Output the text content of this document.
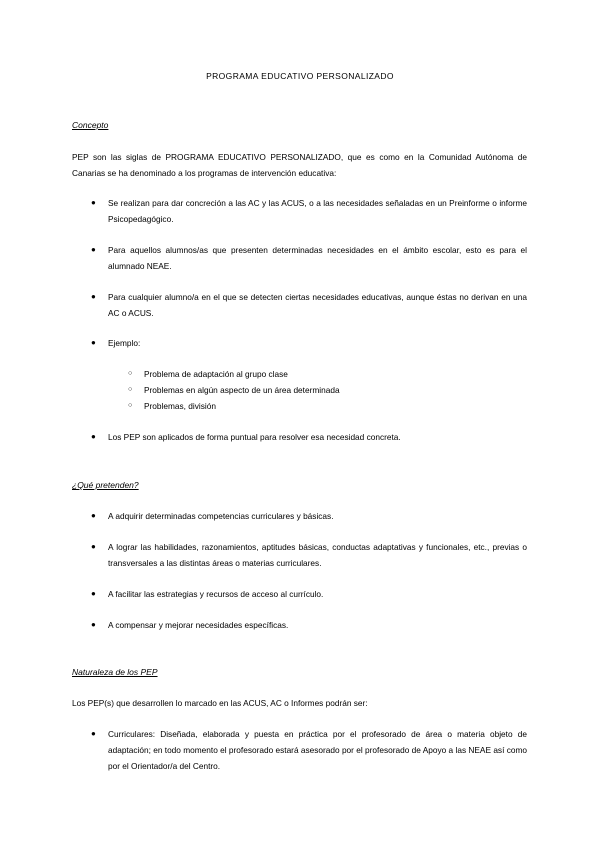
PROGRAMA EDUCATIVO PERSONALIZADO
Concepto
PEP son las siglas de PROGRAMA EDUCATIVO PERSONALIZADO, que es como en la Comunidad Autónoma de Canarias se ha denominado a los programas de intervención educativa:
● Se realizan para dar concreción a las AC y las ACUS, o a las necesidades señaladas en un Preinforme o informe Psicopedagógico.
● Para aquellos alumnos/as que presenten determinadas necesidades en el ámbito escolar, esto es para el alumnado NEAE.
● Para cualquier alumno/a en el que se detecten ciertas necesidades educativas, aunque éstas no derivan en una AC o ACUS.
● Ejemplo:
○ Problema de adaptación al grupo clase
○ Problemas en algún aspecto de un área determinada
○ Problemas, división
● Los PEP son aplicados de forma puntual para resolver esa necesidad concreta.
¿Qué pretenden?
● A adquirir determinadas competencias curriculares y básicas.
● A lograr las habilidades, razonamientos, aptitudes básicas, conductas adaptativas y funcionales, etc., previas o transversales a las distintas áreas o materias curriculares.
● A facilitar las estrategias y recursos de acceso al currículo.
● A compensar y mejorar necesidades específicas.
Naturaleza de los PEP
Los PEP(s) que desarrollen lo marcado en las ACUS, AC o Informes podrán ser:
● Curriculares: Diseñada, elaborada y puesta en práctica por el profesorado de área o materia objeto de adaptación; en todo momento el profesorado estará asesorado por el profesorado de Apoyo a las NEAE así como por el Orientador/a del Centro.
